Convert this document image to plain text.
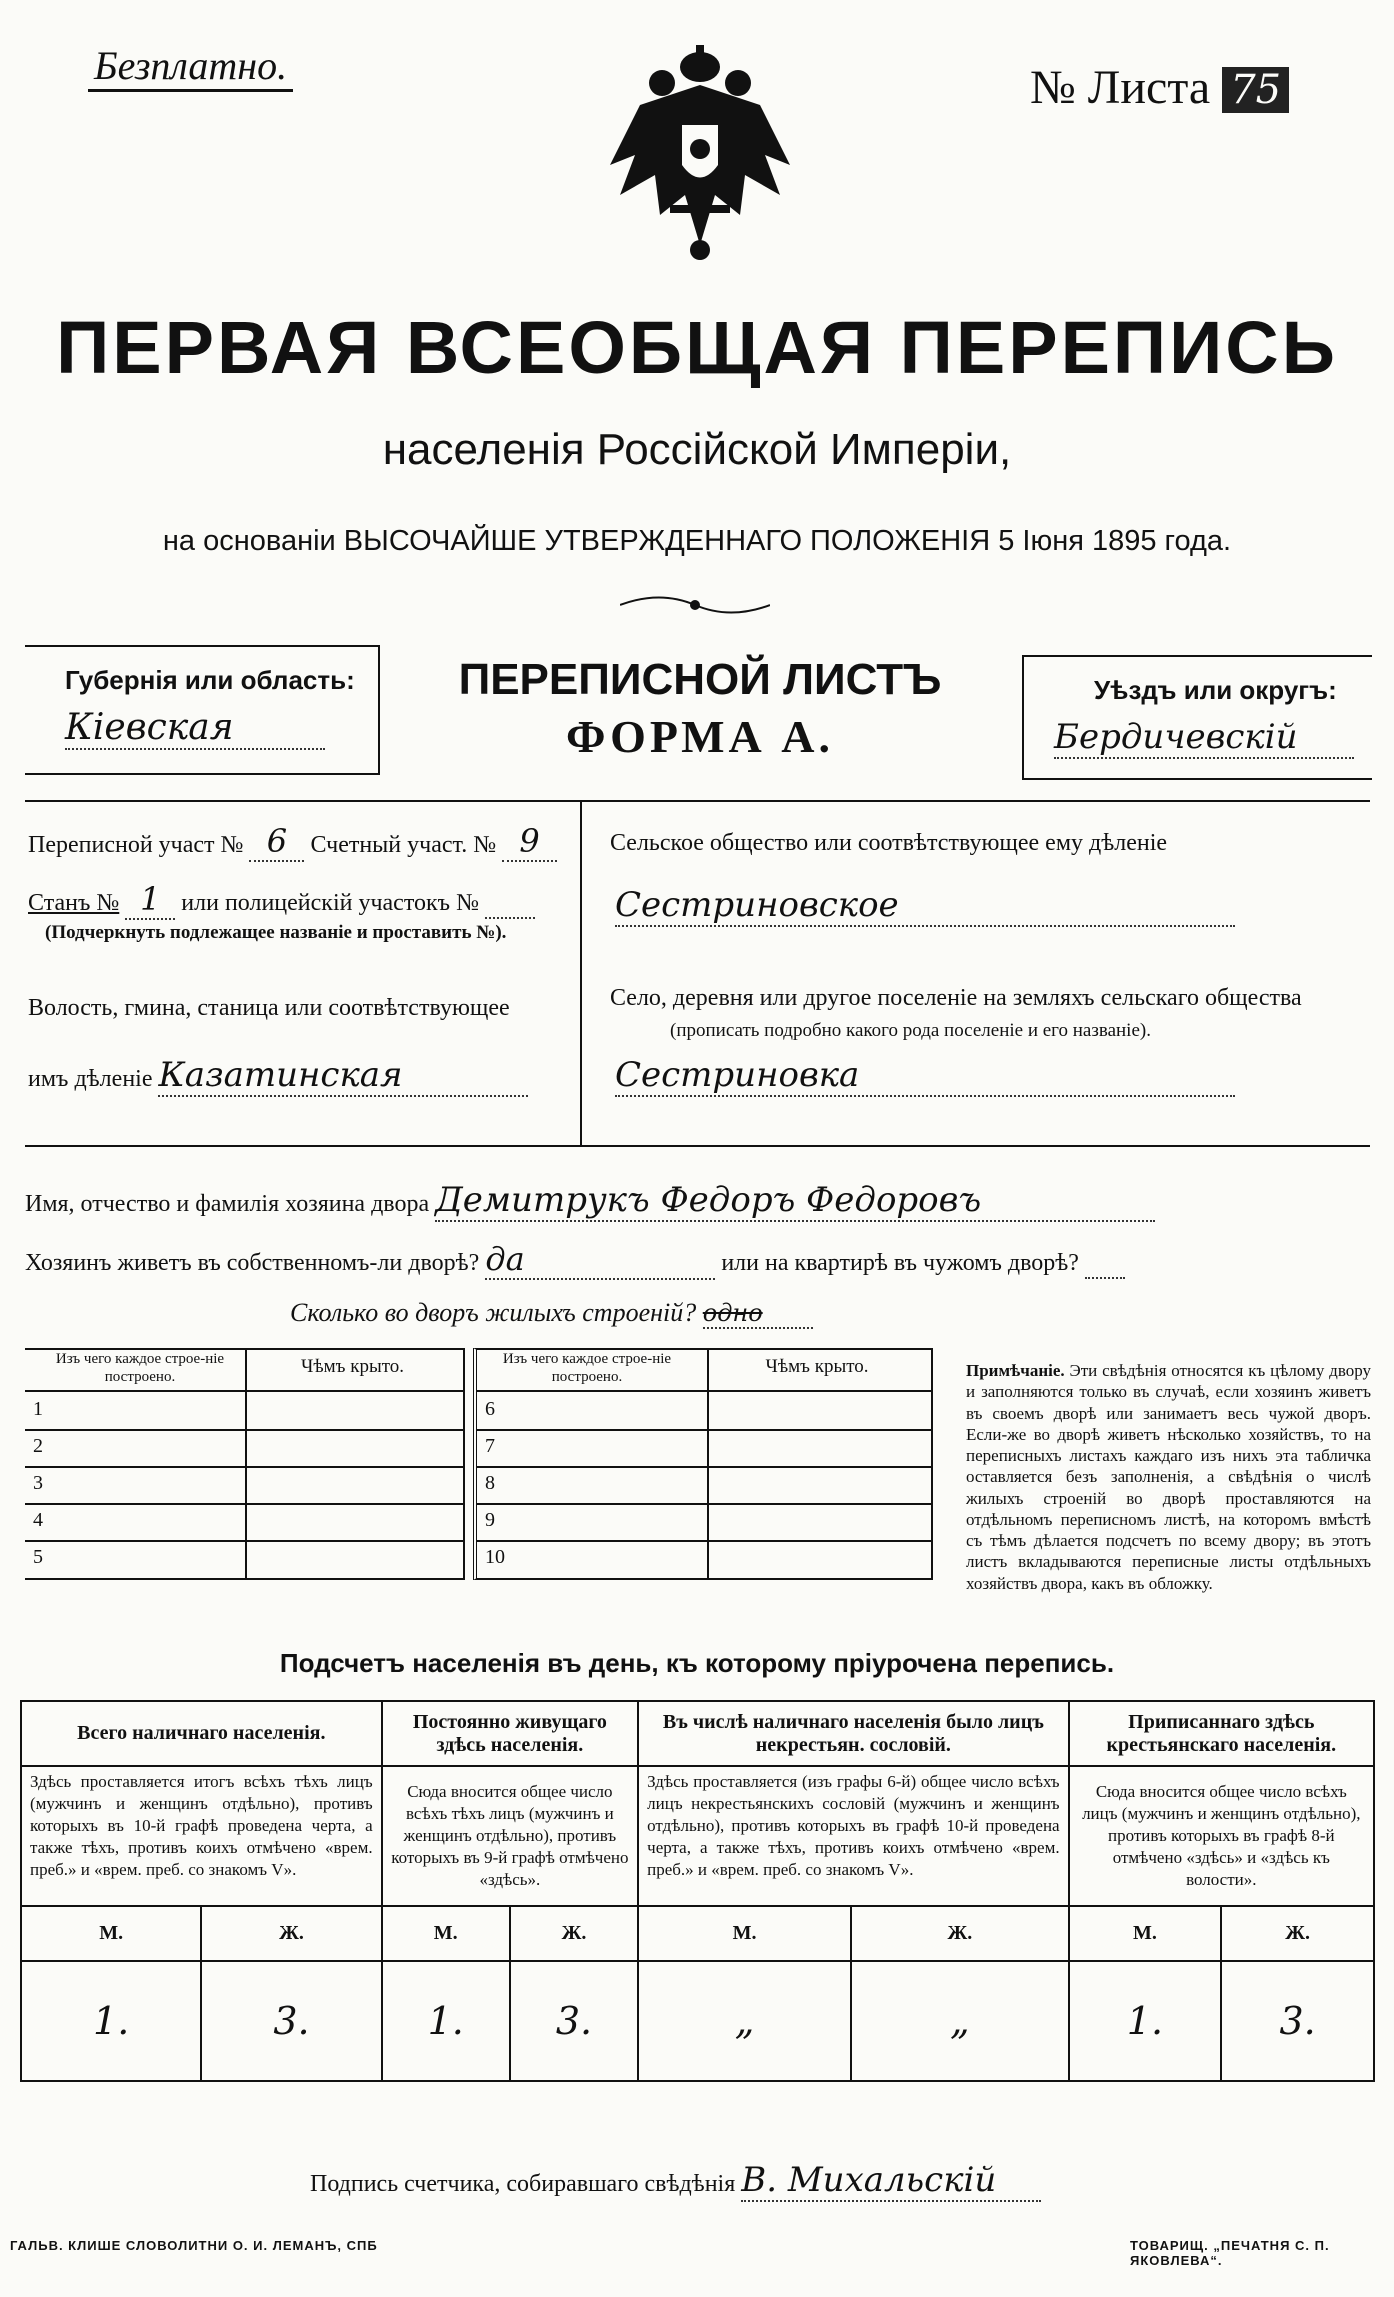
Безплатно.	№ Листа 75
ПЕРВАЯ ВСЕОБЩАЯ ПЕРЕПИСЬ
населенія Россійской Имперіи,
на основаніи ВЫСОЧАЙШЕ УТВЕРЖДЕННАГО ПОЛОЖЕНІЯ 5 Іюня 1895 года.
Губернія или область:
Кіевская
ПЕРЕПИСНОЙ ЛИСТЪ
ФОРМА А.
Уѣздъ или округъ:
Бердичевскій
Переписной участ № 6 Счетный участ. № 9
Станъ № 1 или полицейскій участокъ №
(Подчеркнуть подлежащее названіе и проставить №).
Волость, гмина, станица или соотвѣтствующее
имъ дѣленіе Казатинская
Сельское общество или соотвѣтствующее ему дѣленіе
Сестриновское
Село, деревня или другое поселеніе на земляхъ сельскаго общества
(прописать подробно какого рода поселеніе и его названіе).
Сестриновка
Имя, отчество и фамилія хозяина двора Демитрукъ Федоръ Федоровъ
Хозяинъ живетъ въ собственномъ-ли дворѣ? да	или на квартирѣ въ чужомъ дворѣ?
Сколько во дворъ жилыхъ строеній? одно
Изъ чего каждое строе-ніе построено.	Чѣмъ крыто.
1
2
3
4
5
Изъ чего каждое строе-ніе построено.	Чѣмъ крыто.
6
7
8
9
10
Примѣчаніе. Эти свѣдѣнія относятся къ цѣлому двору и заполняются только въ случаѣ, если хозяинъ живетъ въ своемъ дворѣ или занимаетъ весь чужой дворъ. Если-же во дворѣ живетъ нѣсколько хозяйствъ, то на переписныхъ листахъ каждаго изъ нихъ эта табличка оставляется безъ заполненія, а свѣдѣнія о числѣ жилыхъ строеній во дворѣ проставляются на отдѣльномъ переписномъ листѣ, на которомъ вмѣстѣ съ тѣмъ дѣлается подсчетъ по всему двору; въ этотъ листъ вкладываются переписные листы отдѣльныхъ хозяйствъ двора, какъ въ обложку.
Подсчетъ населенія въ день, къ которому пріурочена перепись.
Всего наличнаго населенія.		Постоянно живущаго здѣсь населенія.		Въ числѣ наличнаго населенія было лицъ некрестьян. сословій.		Приписаннаго здѣсь крестьянскаго населенія.	
Здѣсь проставляется итогъ всѣхъ тѣхъ лицъ (мужчинъ и женщинъ отдѣльно), противъ которыхъ въ 10-й графѣ проведена черта, а также тѣхъ, противъ коихъ отмѣчено «врем. преб.» и «врем. преб. со знакомъ V».		Сюда вносится общее число всѣхъ тѣхъ лицъ (мужчинъ и женщинъ отдѣльно), противъ которыхъ въ 9-й графѣ отмѣчено «здѣсь».		Здѣсь проставляется (изъ графы 6-й) общее число всѣхъ лицъ некрестьянскихъ сословій (мужчинъ и женщинъ отдѣльно), противъ которыхъ въ графѣ 10-й проведена черта, а также тѣхъ, противъ коихъ отмѣчено «врем. преб.» и «врем. преб. со знакомъ V».		Сюда вносится общее число всѣхъ лицъ (мужчинъ и женщинъ отдѣльно), противъ которыхъ въ графѣ 8-й отмѣчено «здѣсь» и «здѣсь къ волости».	
М.	Ж.	М.	Ж.	М.	Ж.	М.	Ж.
1.	3.	1.	3.	„	„	1.	3.
Подпись счетчика, собиравшаго свѣдѣнія В. Михальскій
ГАЛЬВ. КЛИШЕ СЛОВОЛИТНИ О. И. ЛЕМАНЪ, СПБ	ТОВАРИЩ. „ПЕЧАТНЯ С. П. ЯКОВЛЕВА“.
